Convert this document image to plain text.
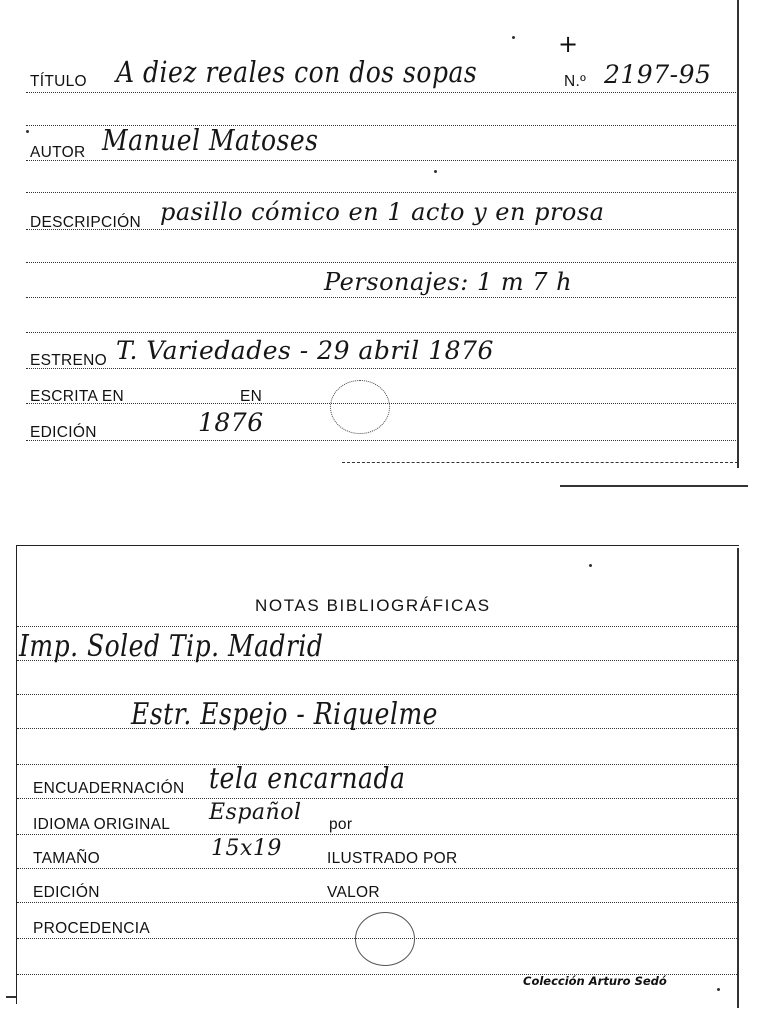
+
TÍTULO A diez reales con dos sopas	N.º 2197-95
AUTOR Manuel Matoses
DESCRIPCIÓN pasillo cómico en 1 acto y en prosa
Personajes: 1 m 7 h
ESTRENO T. Variedades - 29 abril 1876
ESCRITA EN	EN
EDICIÓN	1876
NOTAS BIBLIOGRÁFICAS
Imp. Soled Tip. Madrid
Estr. Espejo - Riquelme
ENCUADERNACIÓN tela encarnada
IDIOMA ORIGINAL Español por
TAMAÑO	15x19	ILUSTRADO POR
EDICIÓN	VALOR
PROCEDENCIA
Colección Arturo Sedó
